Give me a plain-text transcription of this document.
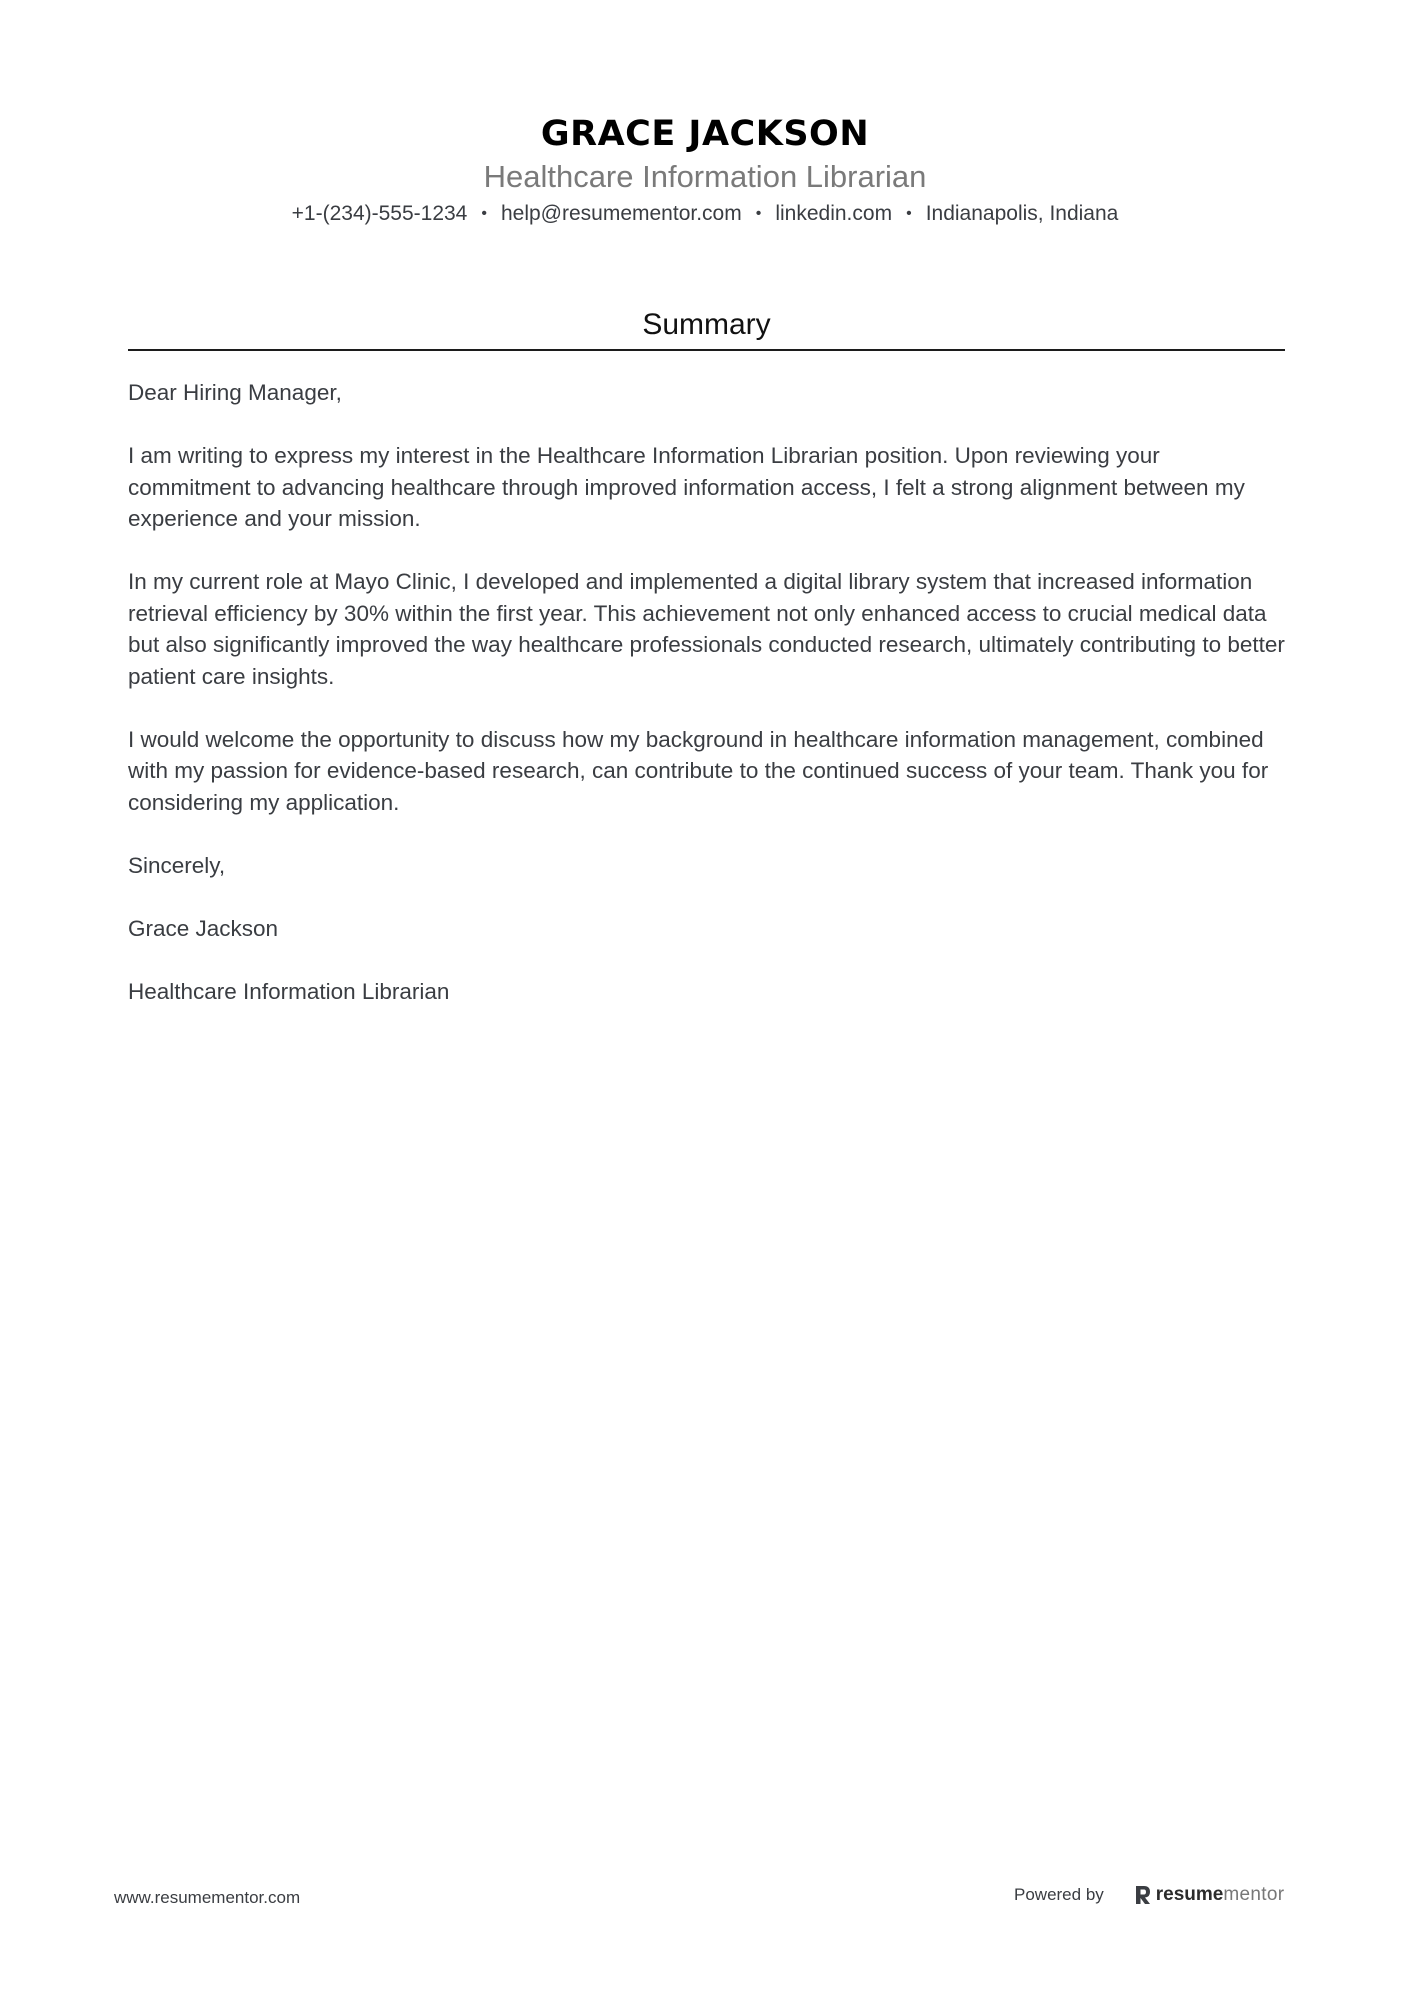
GRACE JACKSON
Healthcare Information Librarian
+1-(234)-555-1234 • help@resumementor.com • linkedin.com • Indianapolis, Indiana
Summary

Dear Hiring Manager,

I am writing to express my interest in the Healthcare Information Librarian position. Upon reviewing your commitment to advancing healthcare through improved information access, I felt a strong alignment between my experience and your mission.

In my current role at Mayo Clinic, I developed and implemented a digital library system that increased information retrieval efficiency by 30% within the first year. This achievement not only enhanced access to crucial medical data but also significantly improved the way healthcare professionals conducted research, ultimately contributing to better patient care insights.

I would welcome the opportunity to discuss how my background in healthcare information management, combined with my passion for evidence-based research, can contribute to the continued success of your team. Thank you for considering my application.

Sincerely,

Grace Jackson

Healthcare Information Librarian

www.resumementor.com	Powered by	resume mentor
